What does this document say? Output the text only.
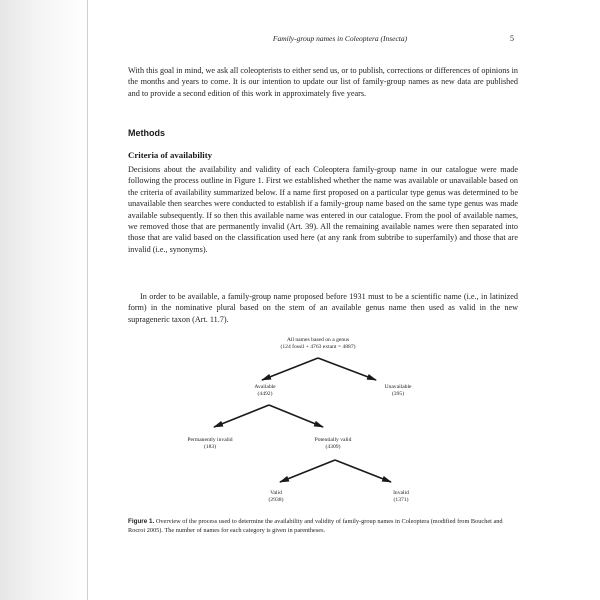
Family-group names in Coleoptera (Insecta)	5
With this goal in mind, we ask all coleopterists to either send us, or to publish, corrections or differences of opinions in the months and years to come. It is our intention to update our list of family-group names as new data are published and to provide a second edition of this work in approximately five years.
Methods
Criteria of availability
Decisions about the availability and validity of each Coleoptera family-group name in our catalogue were made following the process outline in Figure 1. First we established whether the name was available or unavailable based on the criteria of availability summarized below. If a name first proposed on a particular type genus was determined to be unavailable then searches were conducted to establish if a family-group name based on the same type genus was made available subsequently. If so then this available name was entered in our catalogue. From the pool of available names, we removed those that are permanently invalid (Art. 39). All the remaining available names were then separated into those that are valid based on the classification used here (at any rank from subtribe to superfamily) and those that are invalid (i.e., synonyms).
In order to be available, a family-group name proposed before 1931 must to be a scientific name (i.e., in latinized form) in the nominative plural based on the stem of an available genus name then used as valid in the new suprageneric taxon (Art. 11.7).
All names based on a genus
(124 fossil + 4763 extant = 4887)
Available
(4492)
Unavailable
(395)
Permanently invalid
(183)
Potentially valid
(4309)
Valid
(2938)
Invalid
(1371)
Figure 1. Overview of the process used to determine the availability and validity of family-group names in Coleoptera (modified from Bouchet and Rocroi 2005). The number of names for each category is given in parentheses.
